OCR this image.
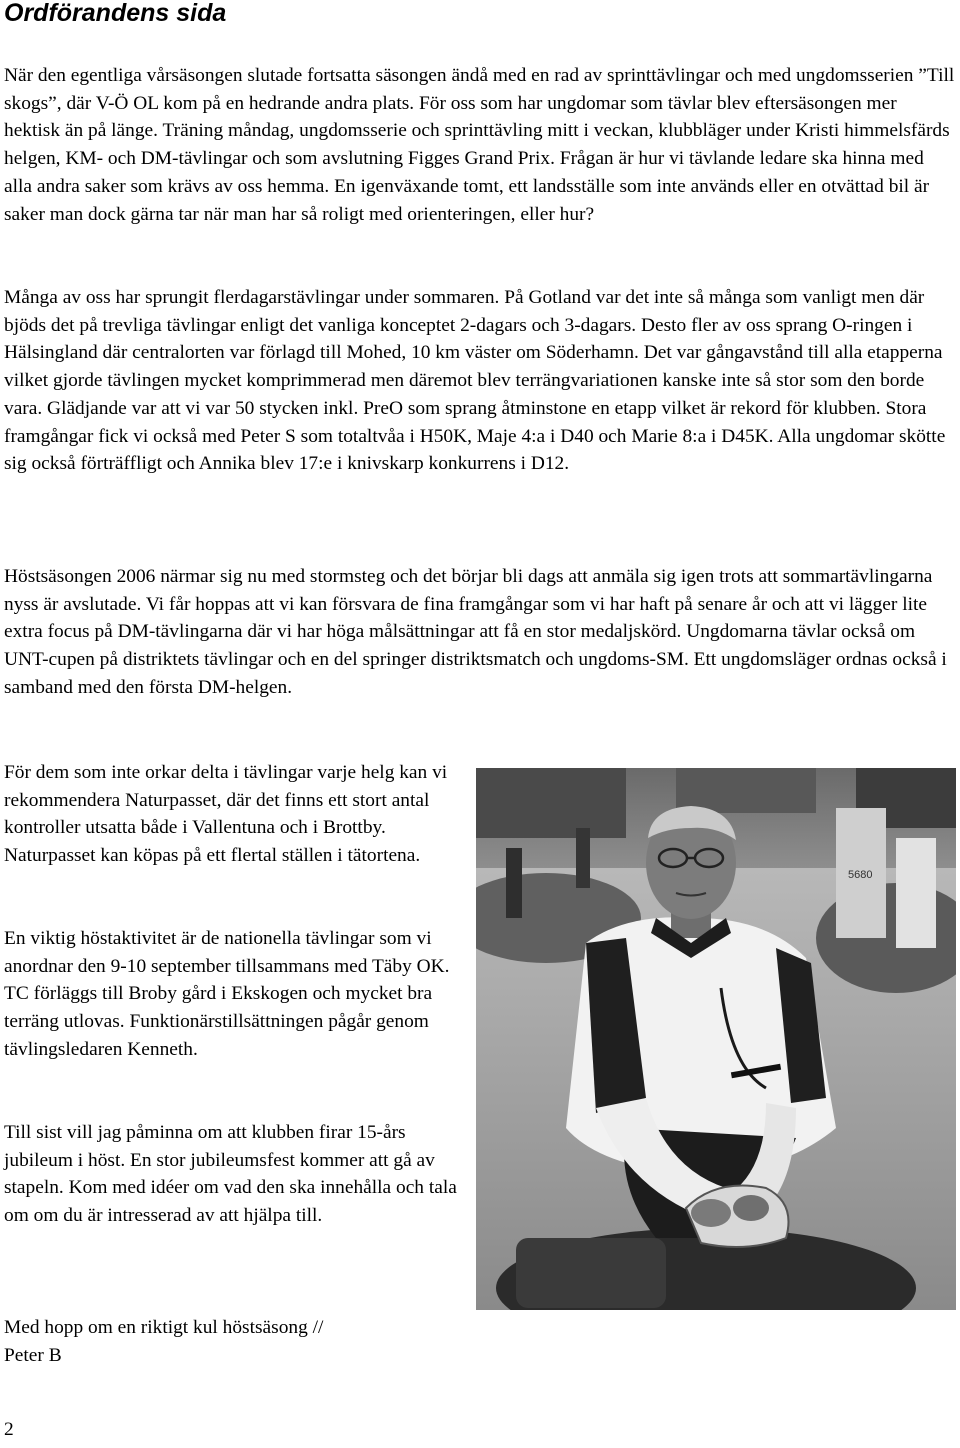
Ordförandens sida

När den egentliga vårsäsongen slutade fortsatta säsongen ändå med en rad av sprinttävlingar och med ungdomsserien ”Till skogs”, där V-Ö OL kom på en hedrande andra plats. För oss som har ungdomar som tävlar blev eftersäsongen mer hektisk än på länge. Träning måndag, ungdomsserie och sprinttävling mitt i veckan, klubbläger under Kristi himmelsfärds helgen, KM- och DM-tävlingar och som avslutning Figges Grand Prix. Frågan är hur vi tävlande ledare ska hinna med alla andra saker som krävs av oss hemma. En igenväxande tomt, ett landsställe som inte används eller en otvättad bil är saker man dock gärna tar när man har så roligt med orienteringen, eller hur?

Många av oss har sprungit flerdagarstävlingar under sommaren. På Gotland var det inte så många som vanligt men där bjöds det på trevliga tävlingar enligt det vanliga konceptet 2-dagars och 3-dagars. Desto fler av oss sprang O-ringen i Hälsingland där centralorten var förlagd till Mohed, 10 km väster om Söderhamn. Det var gångavstånd till alla etapperna vilket gjorde tävlingen mycket komprimmerad men däremot blev terrängvariationen kanske inte så stor som den borde vara. Glädjande var att vi var 50 stycken inkl. PreO som sprang åtminstone en etapp vilket är rekord för klubben. Stora framgångar fick vi också med Peter S som totaltvåa i H50K, Maje 4:a i D40 och Marie 8:a i D45K. Alla ungdomar skötte sig också förträffligt och Annika blev 17:e i knivskarp konkurrens i D12.

Höstsäsongen 2006 närmar sig nu med stormsteg och det börjar bli dags att anmäla sig igen trots att sommartävlingarna nyss är avslutade. Vi får hoppas att vi kan försvara de fina framgångar som vi har haft på senare år och att vi lägger lite extra focus på DM-tävlingarna där vi har höga målsättningar att få en stor medaljskörd. Ungdomarna tävlar också om UNT-cupen på distriktets tävlingar och en del springer distriktsmatch och ungdoms-SM. Ett ungdomsläger ordnas också i samband med den första DM-helgen.

För dem som inte orkar delta i tävlingar varje helg kan vi rekommendera Naturpasset, där det finns ett stort antal kontroller utsatta både i Vallentuna och i Brottby. Naturpasset kan köpas på ett flertal ställen i tätortena.

En viktig höstaktivitet är de nationella tävlingar som vi anordnar den 9-10 september tillsammans med Täby OK. TC förläggs till Broby gård i Ekskogen och mycket bra terräng utlovas. Funktionärstillsättningen pågår genom tävlingsledaren Kenneth.

Till sist vill jag påminna om att klubben firar 15-års jubileum i höst. En stor jubileumsfest kommer att gå av stapeln. Kom med idéer om vad den ska innehålla och tala om om du är intresserad av att hjälpa till.

Med hopp om en riktigt kul höstsäsong //
Peter B

2
5680
